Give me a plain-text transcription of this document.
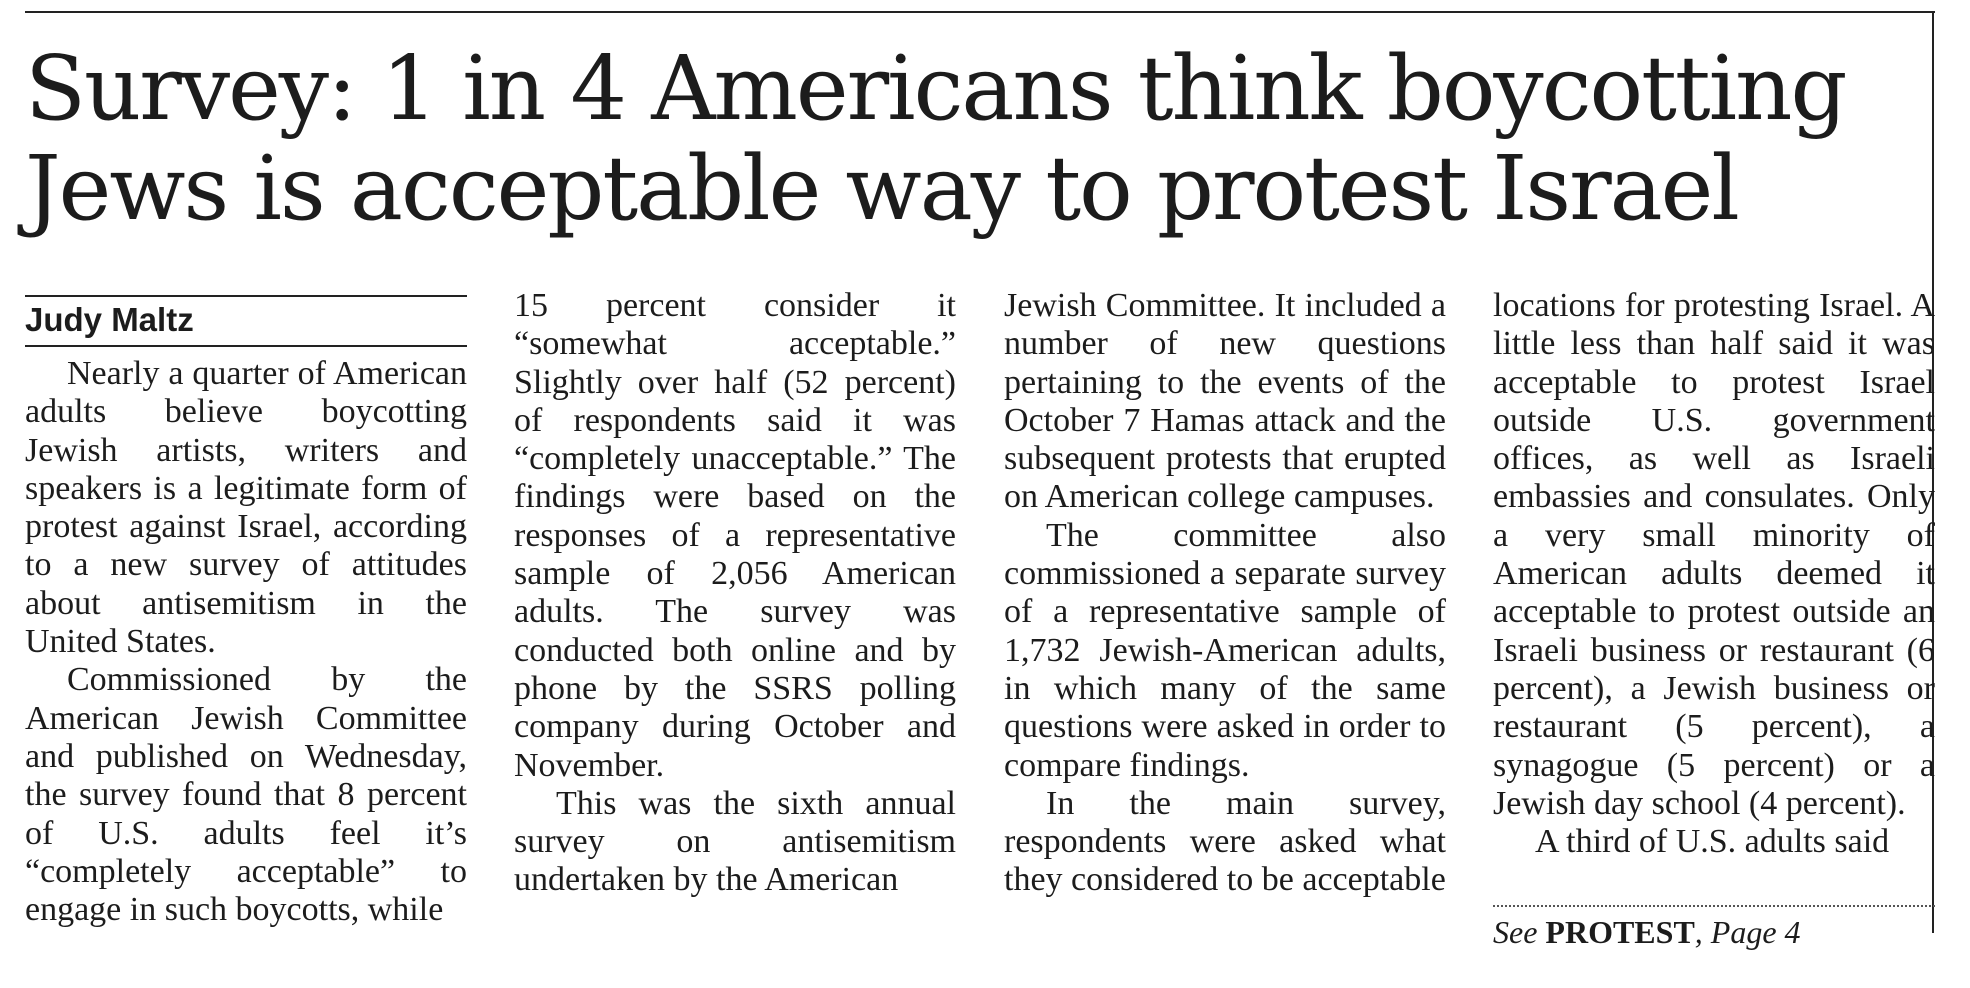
Survey: 1 in 4 Americans think boycotting Jews is acceptable way to protest Israel
Judy Maltz

Nearly a quarter of American adults believe boycotting Jewish artists, writers and speakers is a legitimate form of protest against Israel, according to a new survey of attitudes about antisemitism in the United States.

Commissioned by the American Jewish Committee and published on Wednesday, the survey found that 8 percent of U.S. adults feel it’s “completely acceptable” to engage in such boycotts, while

15 percent consider it “somewhat acceptable.” Slightly over half (52 percent) of respondents said it was “completely unacceptable.” The findings were based on the responses of a representative sample of 2,056 American adults. The survey was conducted both online and by phone by the SSRS polling company during October and November.

This was the sixth annual survey on antisemitism undertaken by the American

Jewish Committee. It included a number of new questions pertaining to the events of the October 7 Hamas attack and the subsequent protests that erupted on American college campuses.

The committee also commissioned a separate survey of a representative sample of 1,732 Jewish-American adults, in which many of the same questions were asked in order to compare findings.

In the main survey, respondents were asked what they considered to be acceptable

locations for protesting Israel. A little less than half said it was acceptable to protest Israel outside U.S. government offices, as well as Israeli embassies and consulates. Only a very small minority of American adults deemed it acceptable to protest outside an Israeli business or restaurant (6 percent), a Jewish business or restaurant (5 percent), a synagogue (5 percent) or a Jewish day school (4 percent).

A third of U.S. adults said

See PROTEST, Page 4
